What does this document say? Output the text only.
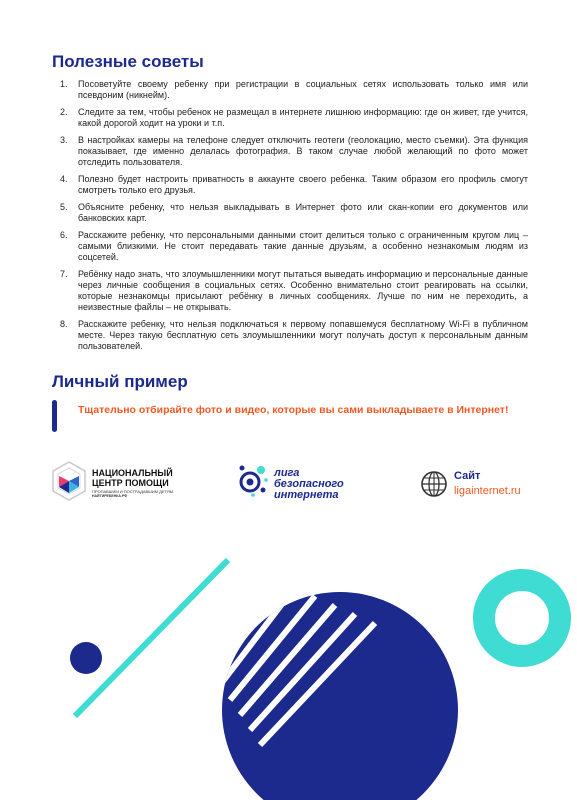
Полезные советы
1. Посоветуйте своему ребенку при регистрации в социальных сетях использовать только имя или псевдоним (никнейм).
2. Следите за тем, чтобы ребенок не размещал в интернете лишнюю информацию: где он живет, где учится, какой дорогой ходит на уроки и т.п.
3. В настройках камеры на телефоне следует отключить геотеги (геолокацию, место съемки). Эта функция показывает, где именно делалась фотография. В таком случае любой желающий по фото может отследить пользователя.
4. Полезно будет настроить приватность в аккаунте своего ребенка. Таким образом его профиль смогут смотреть только его друзья.
5. Объясните ребенку, что нельзя выкладывать в Интернет фото или скан-копии его документов или банковских карт.
6. Расскажите ребенку, что персональными данными стоит делиться только с ограниченным кругом лиц – самыми близкими. Не стоит передавать такие данные друзьям, а особенно незнакомым людям из соцсетей.
7. Ребёнку надо знать, что злоумышленники могут пытаться выведать информацию и персональные данные через личные сообщения в социальных сетях. Особенно внимательно стоит реагировать на ссылки, которые незнакомцы присылают ребёнку в личных сообщениях. Лучше по ним не переходить, а неизвестные файлы – не открывать.
8. Расскажите ребенку, что нельзя подключаться к первому попавшемуся бесплатному Wi-Fi в публичном месте. Через такую бесплатную сеть злоумышленники могут получать доступ к персональным данным пользователей.
Личный пример

Тщательно отбирайте фото и видео, которые вы сами выкладываете в Интернет!

НАЦИОНАЛЬНЫЙ
ЦЕНТР ПОМОЩИ
ПРОПАВШИМ И ПОСТРАДАВШИМ ДЕТЯМ
НАЙТИРЕБЕНКА.РФ
лига
безопасного
интернета
Сайт
ligainternet.ru
